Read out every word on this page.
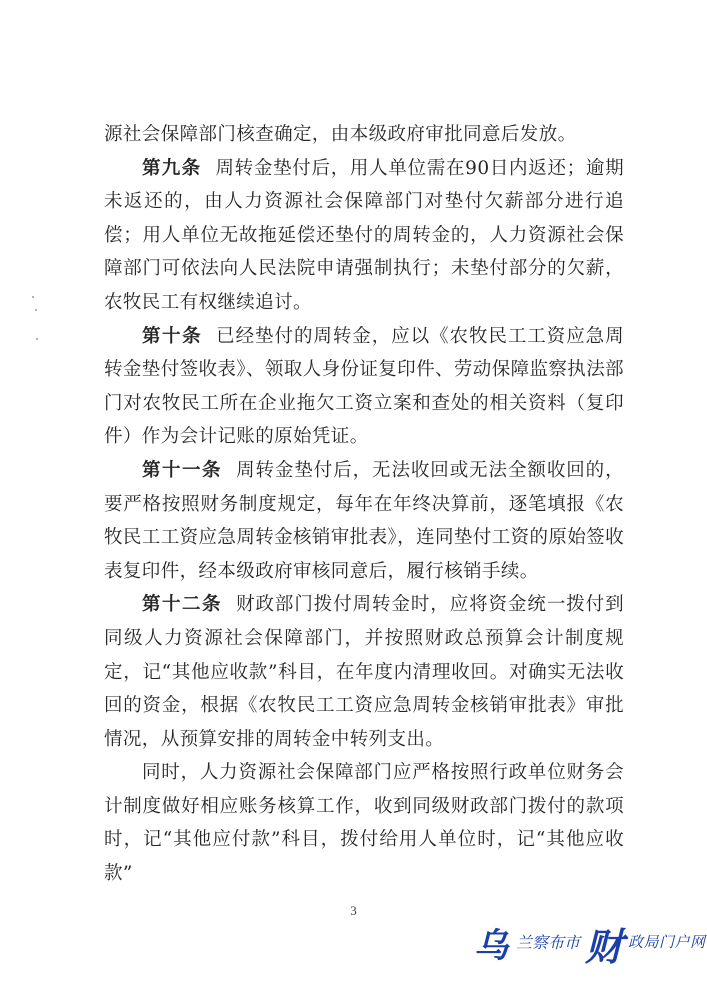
源社会保障部门核查确定，由本级政府审批同意后发放。

第九条 周转金垫付后，用人单位需在90日内返还；逾期未返还的，由人力资源社会保障部门对垫付欠薪部分进行追偿；用人单位无故拖延偿还垫付的周转金的，人力资源社会保障部门可依法向人民法院申请强制执行；未垫付部分的欠薪，农牧民工有权继续追讨。

第十条 已经垫付的周转金，应以《农牧民工工资应急周转金垫付签收表》、领取人身份证复印件、劳动保障监察执法部门对农牧民工所在企业拖欠工资立案和查处的相关资料（复印件）作为会计记账的原始凭证。

第十一条 周转金垫付后，无法收回或无法全额收回的，要严格按照财务制度规定，每年在年终决算前，逐笔填报《农牧民工工资应急周转金核销审批表》，连同垫付工资的原始签收表复印件，经本级政府审核同意后，履行核销手续。

第十二条 财政部门拨付周转金时，应将资金统一拨付到同级人力资源社会保障部门，并按照财政总预算会计制度规定，记“其他应收款”科目，在年度内清理收回。对确实无法收回的资金，根据《农牧民工工资应急周转金核销审批表》审批情况，从预算安排的周转金中转列支出。

同时，人力资源社会保障部门应严格按照行政单位财务会计制度做好相应账务核算工作，收到同级财政部门拨付的款项时，记“其他应付款”科目，拨付给用人单位时，记“其他应收款”

3
乌 兰察布市 财 政局门户网
